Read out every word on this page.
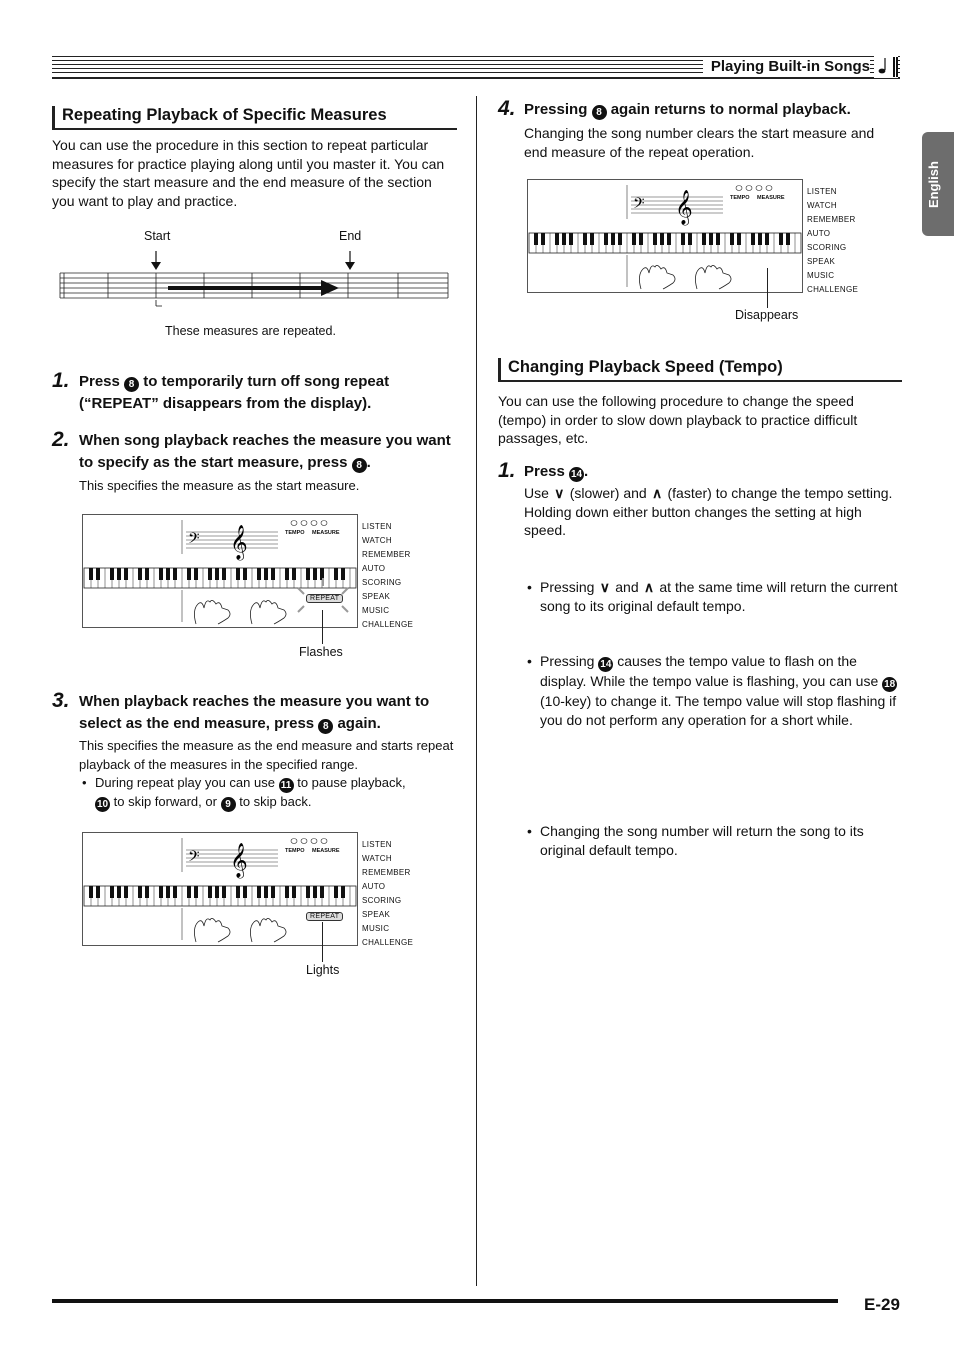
Playing Built-in Songs
English
Repeating Playback of Specific Measures
You can use the procedure in this section to repeat particular measures for practice playing along until you master it. You can specify the start measure and the end measure of the section you want to play and practice.
Start	End
These measures are repeated.
1. Press 8 to temporarily turn off song repeat (“REPEAT” disappears from the display).
2. When song playback reaches the measure you want to specify as the start measure, press 8 .
This specifies the measure as the start measure.
𝄢 𝄞	TEMPO MEASURE
REPEAT
LISTEN
WATCH
REMEMBER
AUTO
SCORING
SPEAK
MUSIC CHALLENGE
Flashes
3. When playback reaches the measure you want to select as the end measure, press 8 again.
This specifies the measure as the end measure and starts repeat playback of the measures in the specified range.
• During repeat play you can use 11 to pause playback,
10 to skip forward, or 9 to skip back.
𝄢 𝄞	TEMPO MEASURE
REPEAT
LISTEN
WATCH
REMEMBER
AUTO
SCORING
SPEAK
MUSIC CHALLENGE
Lights
4. Pressing 8 again returns to normal playback.
Changing the song number clears the start measure and end measure of the repeat operation.
𝄢 𝄞	TEMPO MEASURE
LISTEN
WATCH
REMEMBER
AUTO
SCORING
SPEAK
MUSIC CHALLENGE
Disappears
Changing Playback Speed (Tempo)
You can use the following procedure to change the speed (tempo) in order to slow down playback to practice difficult passages, etc.
1. Press 14 .
Use ∨ (slower) and ∧ (faster) to change the tempo setting. Holding down either button changes the setting at high speed.
• Pressing ∨ and ∧ at the same time will return the current song to its original default tempo.
• Pressing 14 causes the tempo value to flash on the display. While the tempo value is flashing, you can use 18 (10-key) to change it. The tempo value will stop flashing if you do not perform any operation for a short while.
• Changing the song number will return the song to its original default tempo.
E-29
